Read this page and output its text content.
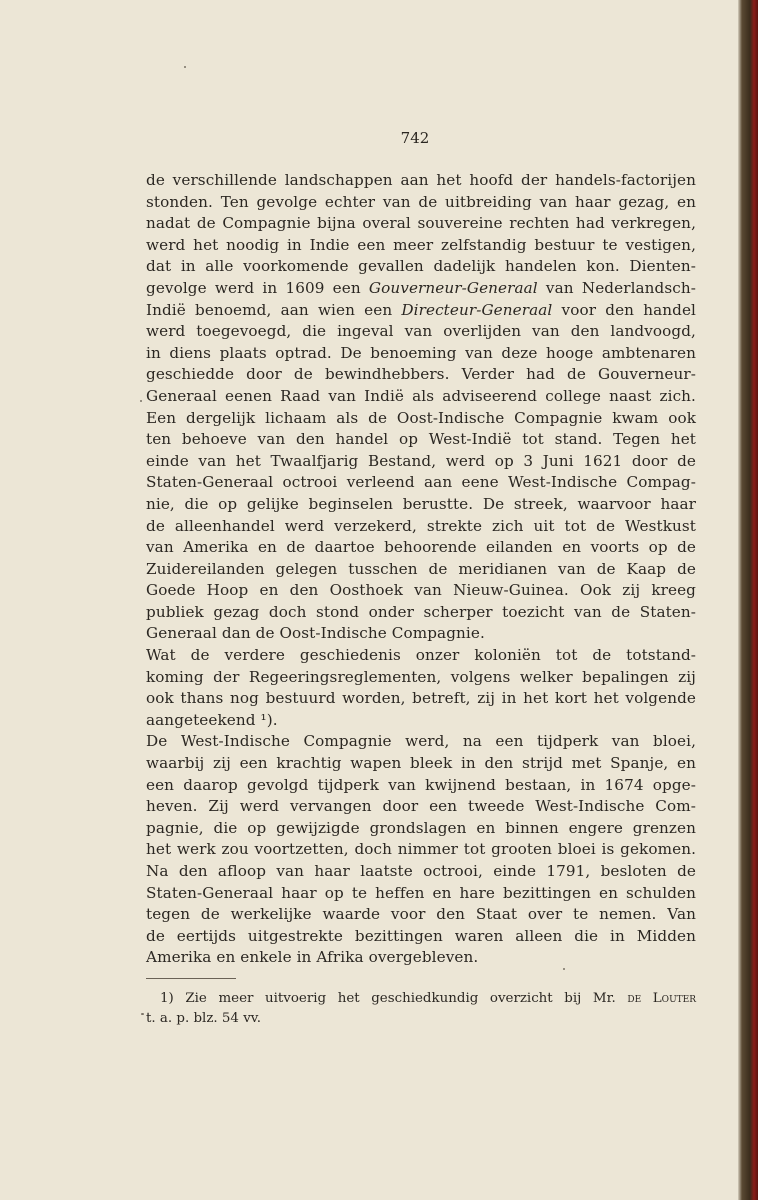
742
de verschillende landschappen aan het hoofd der handels-factorijen
stonden. Ten gevolge echter van de uitbreiding van haar gezag, en
nadat de Compagnie bijna overal souvereine rechten had verkregen,
werd het noodig in Indie een meer zelfstandig bestuur te vestigen,
dat in alle voorkomende gevallen dadelijk handelen kon. Dienten-
gevolge werd in 1609 een Gouverneur-Generaal van Nederlandsch-
Indië benoemd, aan wien een Directeur-Generaal voor den handel
werd toegevoegd, die ingeval van overlijden van den landvoogd,
in diens plaats optrad. De benoeming van deze hooge ambtenaren
geschiedde door de bewindhebbers. Verder had de Gouverneur-
Generaal eenen Raad van Indië als adviseerend college naast zich.
Een dergelijk lichaam als de Oost-Indische Compagnie kwam ook
ten behoeve van den handel op West-Indië tot stand. Tegen het
einde van het Twaalfjarig Bestand, werd op 3 Juni 1621 door de
Staten-Generaal octrooi verleend aan eene West-Indische Compag-
nie, die op gelijke beginselen berustte. De streek, waarvoor haar
de alleenhandel werd verzekerd, strekte zich uit tot de Westkust
van Amerika en de daartoe behoorende eilanden en voorts op de
Zuidereilanden gelegen tusschen de meridianen van de Kaap de
Goede Hoop en den Oosthoek van Nieuw-Guinea. Ook zij kreeg
publiek gezag doch stond onder scherper toezicht van de Staten-
Generaal dan de Oost-Indische Compagnie.
Wat de verdere geschiedenis onzer koloniën tot de totstand-
koming der Regeeringsreglementen, volgens welker bepalingen zij
ook thans nog bestuurd worden, betreft, zij in het kort het volgende
aangeteekend ¹).
De West-Indische Compagnie werd, na een tijdperk van bloei,
waarbij zij een krachtig wapen bleek in den strijd met Spanje, en
een daarop gevolgd tijdperk van kwijnend bestaan, in 1674 opge-
heven. Zij werd vervangen door een tweede West-Indische Com-
pagnie, die op gewijzigde grondslagen en binnen engere grenzen
het werk zou voortzetten, doch nimmer tot grooten bloei is gekomen.
Na den afloop van haar laatste octrooi, einde 1791, besloten de
Staten-Generaal haar op te heffen en hare bezittingen en schulden
tegen de werkelijke waarde voor den Staat over te nemen. Van
de eertijds uitgestrekte bezittingen waren alleen die in Midden
Amerika en enkele in Afrika overgebleven.
1) Zie meer uitvoerig het geschiedkundig overzicht bij Mr. de Louter
t. a. p. blz. 54 vv.
